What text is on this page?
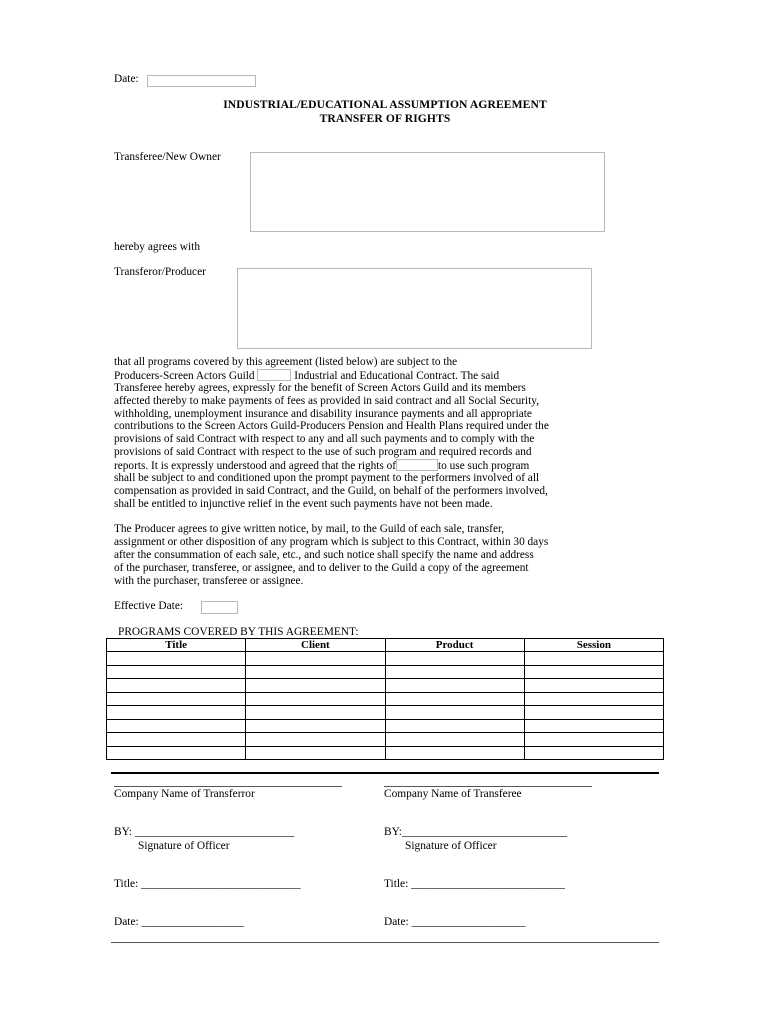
Date:
INDUSTRIAL/EDUCATIONAL ASSUMPTION AGREEMENT
TRANSFER OF RIGHTS
Transferee/New Owner
hereby agrees with
Transferor/Producer
that all programs covered by this agreement (listed below) are subject to the
Producers-Screen Actors Guild	Industrial and Educational Contract. The said
Transferee hereby agrees, expressly for the benefit of Screen Actors Guild and its members
affected thereby to make payments of fees as provided in said contract and all Social Security,
withholding, unemployment insurance and disability insurance payments and all appropriate
contributions to the Screen Actors Guild-Producers Pension and Health Plans required under the
provisions of said Contract with respect to any and all such payments and to comply with the
provisions of said Contract with respect to the use of such program and required records and
reports. It is expressly understood and agreed that the rights of	to use such program
shall be subject to and conditioned upon the prompt payment to the performers involved of all
compensation as provided in said Contract, and the Guild, on behalf of the performers involved,
shall be entitled to injunctive relief in the event such payments have not been made.
The Producer agrees to give written notice, by mail, to the Guild of each sale, transfer,
assignment or other disposition of any program which is subject to this Contract, within 30 days
after the consummation of each sale, etc., and such notice shall specify the name and address
of the purchaser, transferee, or assignee, and to deliver to the Guild a copy of the agreement
with the purchaser, transferee or assignee.
Effective Date:
PROGRAMS COVERED BY THIS AGREEMENT:
Title	Client	Product	Session

Company Name of Transferror	Company Name of Transferee
BY: ____________________________	BY:_____________________________
Signature of Officer	Signature of Officer
Title: ____________________________	Title: ___________________________
Date: __________________	Date: ____________________
